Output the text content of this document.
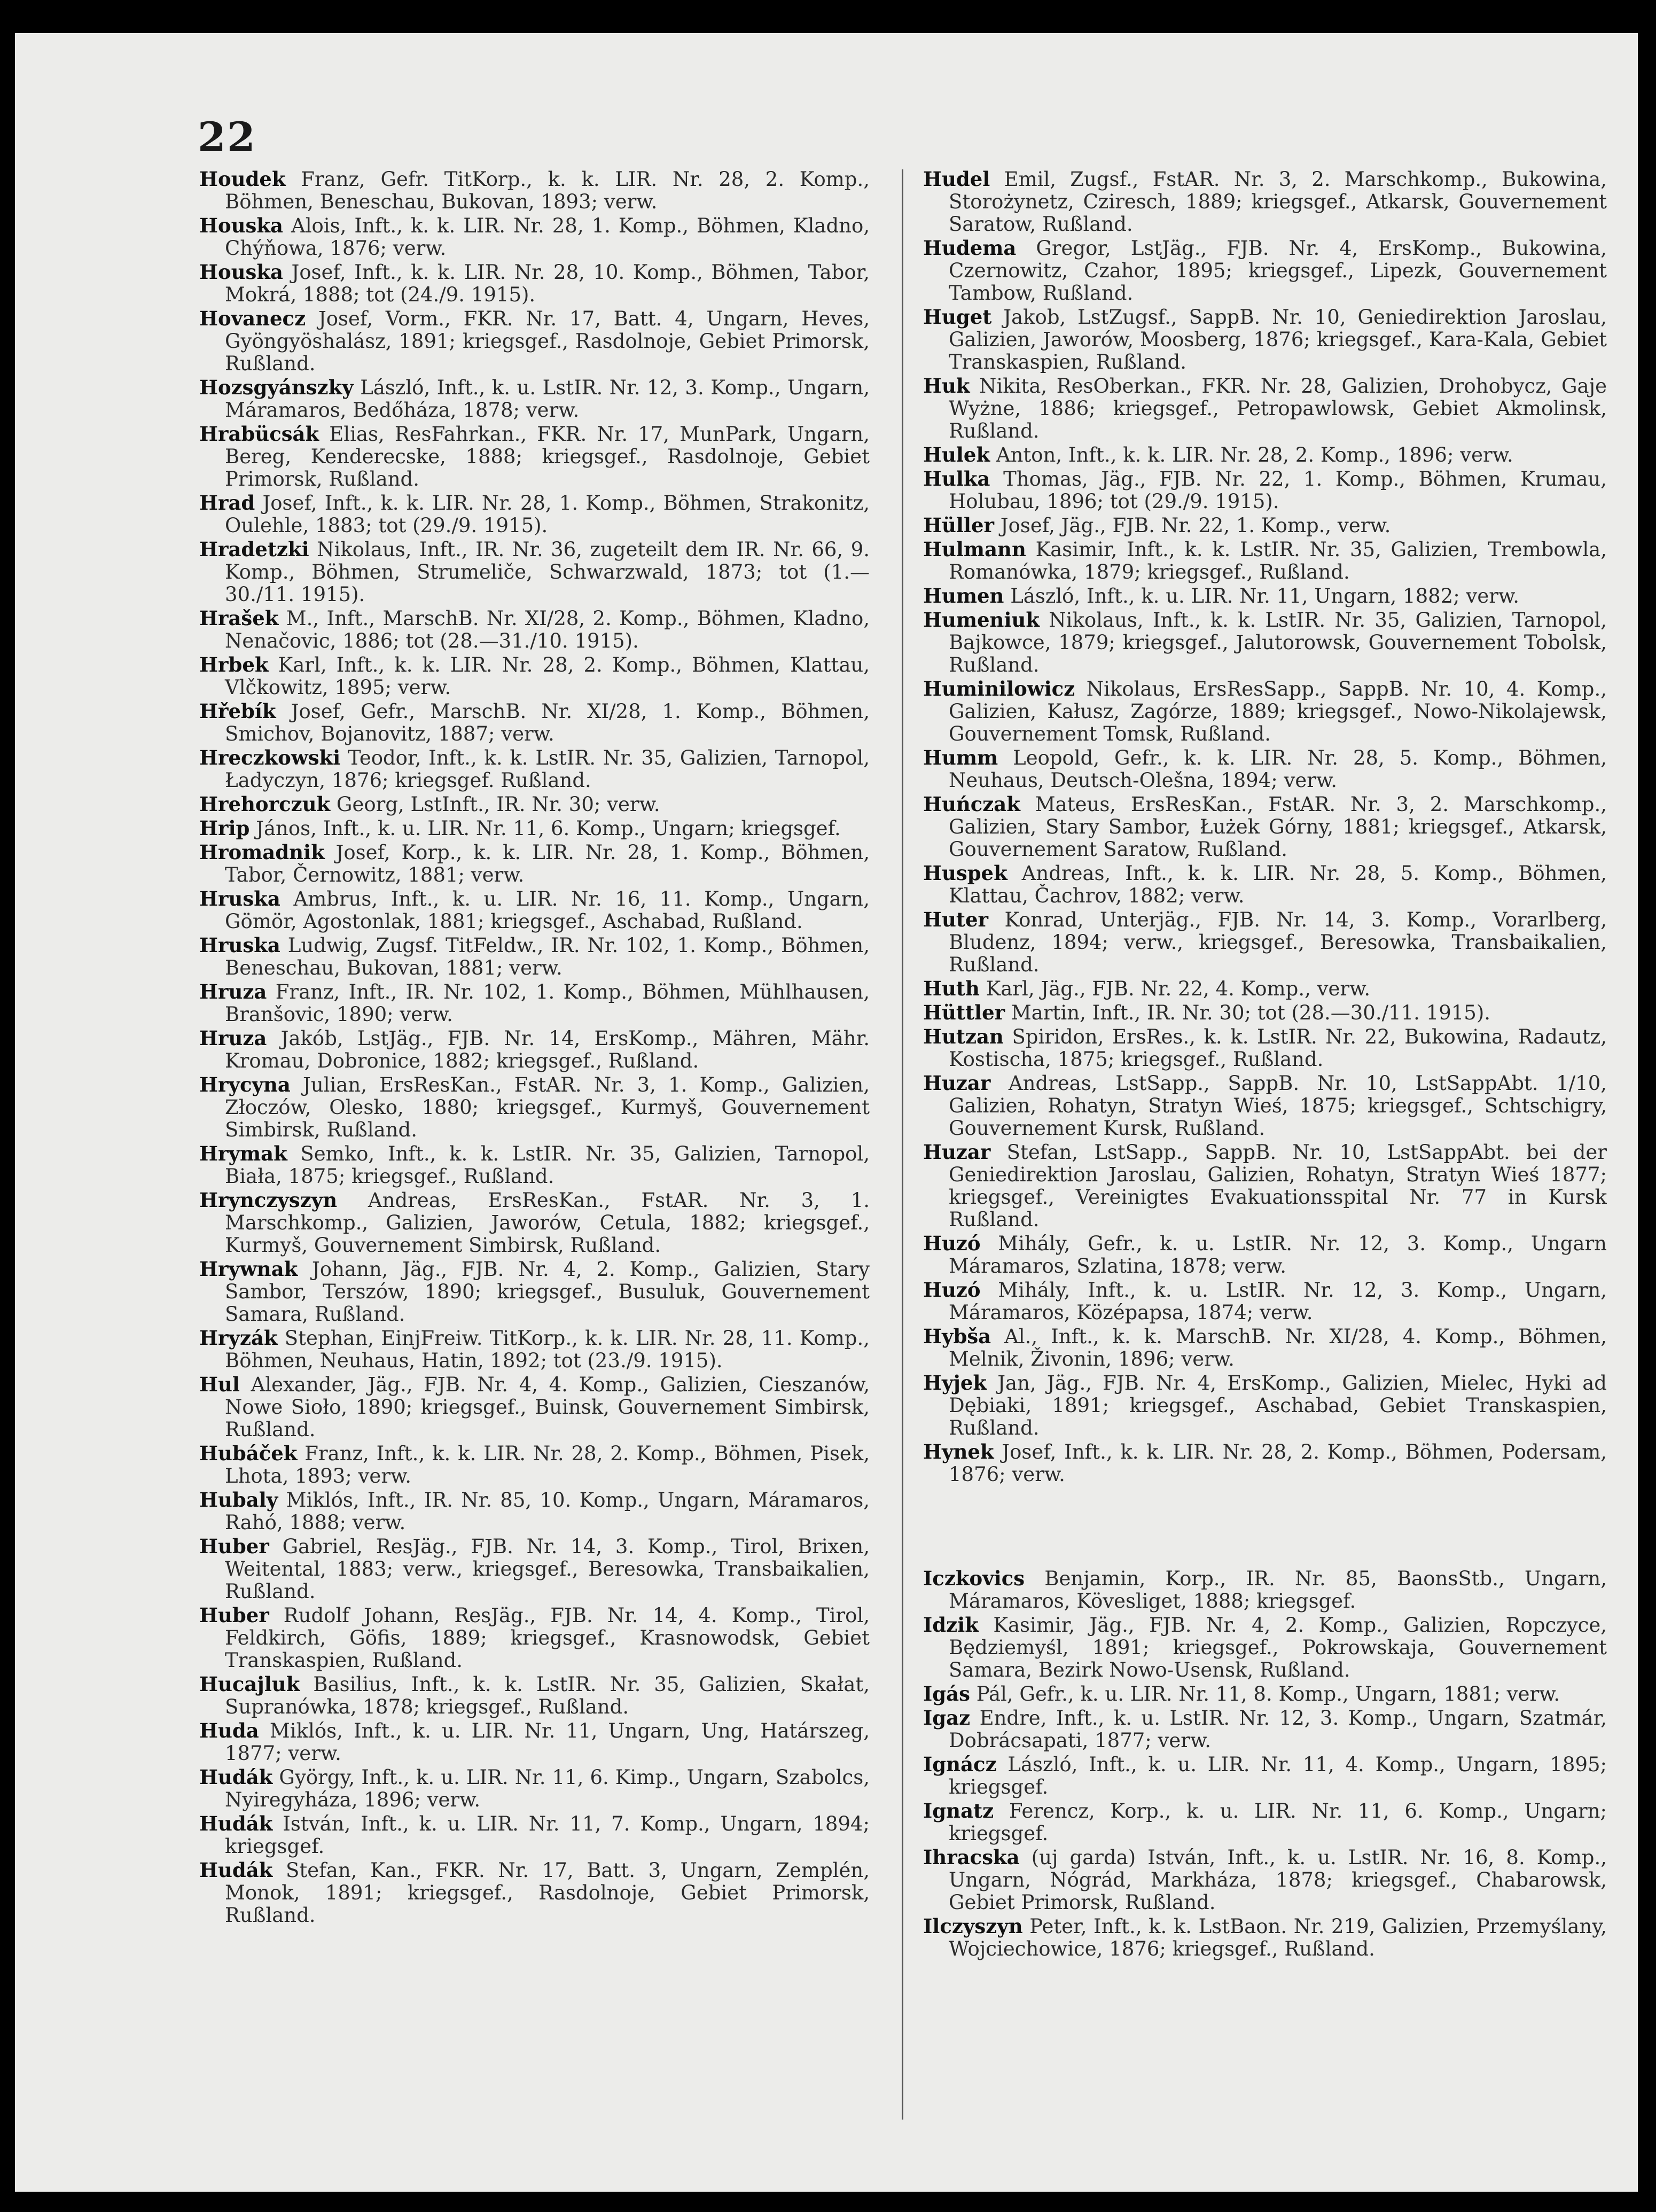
22

Houdek Franz, Gefr. TitKorp., k. k. LIR. Nr. 28, 2. Komp., Böhmen, Beneschau, Bukovan, 1893; verw.

Houska Alois, Inft., k. k. LIR. Nr. 28, 1. Komp., Böhmen, Kladno, Chýňowa, 1876; verw.

Houska Josef, Inft., k. k. LIR. Nr. 28, 10. Komp., Böhmen, Tabor, Mokrá, 1888; tot (24./9. 1915).

Hovanecz Josef, Vorm., FKR. Nr. 17, Batt. 4, Ungarn, Heves, Gyöngyöshalász, 1891; kriegsgef., Rasdolnoje, Gebiet Primorsk, Rußland.

Hozsgyánszky László, Inft., k. u. LstIR. Nr. 12, 3. Komp., Ungarn, Máramaros, Bedőháza, 1878; verw.

Hrabücsák Elias, ResFahrkan., FKR. Nr. 17, MunPark, Ungarn, Bereg, Kenderecske, 1888; kriegsgef., Rasdolnoje, Gebiet Primorsk, Rußland.

Hrad Josef, Inft., k. k. LIR. Nr. 28, 1. Komp., Böhmen, Strakonitz, Oulehle, 1883; tot (29./9. 1915).

Hradetzki Nikolaus, Inft., IR. Nr. 36, zugeteilt dem IR. Nr. 66, 9. Komp., Böhmen, Strumeliče, Schwarzwald, 1873; tot (1.—30./11. 1915).

Hrašek M., Inft., MarschB. Nr. XI/28, 2. Komp., Böhmen, Kladno, Nenačovic, 1886; tot (28.—31./10. 1915).

Hrbek Karl, Inft., k. k. LIR. Nr. 28, 2. Komp., Böhmen, Klattau, Vlčkowitz, 1895; verw.

Hřebík Josef, Gefr., MarschB. Nr. XI/28, 1. Komp., Böhmen, Smichov, Bojanovitz, 1887; verw.

Hreczkowski Teodor, Inft., k. k. LstIR. Nr. 35, Galizien, Tarnopol, Ładyczyn, 1876; kriegsgef. Rußland.

Hrehorczuk Georg, LstInft., IR. Nr. 30; verw.

Hrip János, Inft., k. u. LIR. Nr. 11, 6. Komp., Ungarn; kriegsgef.

Hromadnik Josef, Korp., k. k. LIR. Nr. 28, 1. Komp., Böhmen, Tabor, Černowitz, 1881; verw.

Hruska Ambrus, Inft., k. u. LIR. Nr. 16, 11. Komp., Ungarn, Gömör, Agostonlak, 1881; kriegsgef., Aschabad, Rußland.

Hruska Ludwig, Zugsf. TitFeldw., IR. Nr. 102, 1. Komp., Böhmen, Beneschau, Bukovan, 1881; verw.

Hruza Franz, Inft., IR. Nr. 102, 1. Komp., Böhmen, Mühlhausen, Branšovic, 1890; verw.

Hruza Jakób, LstJäg., FJB. Nr. 14, ErsKomp., Mähren, Mähr. Kromau, Dobronice, 1882; kriegsgef., Rußland.

Hrycyna Julian, ErsResKan., FstAR. Nr. 3, 1. Komp., Galizien, Złoczów, Olesko, 1880; kriegsgef., Kurmyš, Gouvernement Simbirsk, Rußland.

Hrymak Semko, Inft., k. k. LstIR. Nr. 35, Galizien, Tarnopol, Biała, 1875; kriegsgef., Rußland.

Hrynczyszyn Andreas, ErsResKan., FstAR. Nr. 3, 1. Marschkomp., Galizien, Jaworów, Cetula, 1882; kriegsgef., Kurmyš, Gouvernement Simbirsk, Rußland.

Hrywnak Johann, Jäg., FJB. Nr. 4, 2. Komp., Galizien, Stary Sambor, Terszów, 1890; kriegsgef., Busuluk, Gouvernement Samara, Rußland.

Hryzák Stephan, EinjFreiw. TitKorp., k. k. LIR. Nr. 28, 11. Komp., Böhmen, Neuhaus, Hatin, 1892; tot (23./9. 1915).

Hul Alexander, Jäg., FJB. Nr. 4, 4. Komp., Galizien, Cieszanów, Nowe Sioło, 1890; kriegsgef., Buinsk, Gouvernement Simbirsk, Rußland.

Hubáček Franz, Inft., k. k. LIR. Nr. 28, 2. Komp., Böhmen, Pisek, Lhota, 1893; verw.

Hubaly Miklós, Inft., IR. Nr. 85, 10. Komp., Ungarn, Máramaros, Rahó, 1888; verw.

Huber Gabriel, ResJäg., FJB. Nr. 14, 3. Komp., Tirol, Brixen, Weitental, 1883; verw., kriegsgef., Beresowka, Transbaikalien, Rußland.

Huber Rudolf Johann, ResJäg., FJB. Nr. 14, 4. Komp., Tirol, Feldkirch, Göfis, 1889; kriegsgef., Krasnowodsk, Gebiet Transkaspien, Rußland.

Hucajluk Basilius, Inft., k. k. LstIR. Nr. 35, Galizien, Skałat, Supranówka, 1878; kriegsgef., Rußland.

Huda Miklós, Inft., k. u. LIR. Nr. 11, Ungarn, Ung, Határszeg, 1877; verw.

Hudák György, Inft., k. u. LIR. Nr. 11, 6. Kimp., Ungarn, Szabolcs, Nyiregyháza, 1896; verw.

Hudák István, Inft., k. u. LIR. Nr. 11, 7. Komp., Ungarn, 1894; kriegsgef.

Hudák Stefan, Kan., FKR. Nr. 17, Batt. 3, Ungarn, Zemplén, Monok, 1891; kriegsgef., Rasdolnoje, Gebiet Primorsk, Rußland.

Hudel Emil, Zugsf., FstAR. Nr. 3, 2. Marschkomp., Bukowina, Storożynetz, Cziresch, 1889; kriegsgef., Atkarsk, Gouvernement Saratow, Rußland.

Hudema Gregor, LstJäg., FJB. Nr. 4, ErsKomp., Bukowina, Czernowitz, Czahor, 1895; kriegsgef., Lipezk, Gouvernement Tambow, Rußland.

Huget Jakob, LstZugsf., SappB. Nr. 10, Geniedirektion Jaroslau, Galizien, Jaworów, Moosberg, 1876; kriegsgef., Kara-Kala, Gebiet Transkaspien, Rußland.

Huk Nikita, ResOberkan., FKR. Nr. 28, Galizien, Drohobycz, Gaje Wyżne, 1886; kriegsgef., Petropawlowsk, Gebiet Akmolinsk, Rußland.

Hulek Anton, Inft., k. k. LIR. Nr. 28, 2. Komp., 1896; verw.

Hulka Thomas, Jäg., FJB. Nr. 22, 1. Komp., Böhmen, Krumau, Holubau, 1896; tot (29./9. 1915).

Hüller Josef, Jäg., FJB. Nr. 22, 1. Komp., verw.

Hulmann Kasimir, Inft., k. k. LstIR. Nr. 35, Galizien, Trembowla, Romanówka, 1879; kriegsgef., Rußland.

Humen László, Inft., k. u. LIR. Nr. 11, Ungarn, 1882; verw.

Humeniuk Nikolaus, Inft., k. k. LstIR. Nr. 35, Galizien, Tarnopol, Bajkowce, 1879; kriegsgef., Jalutorowsk, Gouvernement Tobolsk, Rußland.

Huminilowicz Nikolaus, ErsResSapp., SappB. Nr. 10, 4. Komp., Galizien, Kałusz, Zagórze, 1889; kriegsgef., Nowo-Nikolajewsk, Gouvernement Tomsk, Rußland.

Humm Leopold, Gefr., k. k. LIR. Nr. 28, 5. Komp., Böhmen, Neuhaus, Deutsch-Olešna, 1894; verw.

Huńczak Mateus, ErsResKan., FstAR. Nr. 3, 2. Marschkomp., Galizien, Stary Sambor, Łużek Górny, 1881; kriegsgef., Atkarsk, Gouvernement Saratow, Rußland.

Huspek Andreas, Inft., k. k. LIR. Nr. 28, 5. Komp., Böhmen, Klattau, Čachrov, 1882; verw.

Huter Konrad, Unterjäg., FJB. Nr. 14, 3. Komp., Vorarlberg, Bludenz, 1894; verw., kriegsgef., Beresowka, Transbaikalien, Rußland.

Huth Karl, Jäg., FJB. Nr. 22, 4. Komp., verw.

Hüttler Martin, Inft., IR. Nr. 30; tot (28.—30./11. 1915).

Hutzan Spiridon, ErsRes., k. k. LstIR. Nr. 22, Bukowina, Radautz, Kostischa, 1875; kriegsgef., Rußland.

Huzar Andreas, LstSapp., SappB. Nr. 10, LstSappAbt. 1/10, Galizien, Rohatyn, Stratyn Wieś, 1875; kriegsgef., Schtschigry, Gouvernement Kursk, Rußland.

Huzar Stefan, LstSapp., SappB. Nr. 10, LstSappAbt. bei der Geniedirektion Jaroslau, Galizien, Rohatyn, Stratyn Wieś 1877; kriegsgef., Vereinigtes Evakuationsspital Nr. 77 in Kursk Rußland.

Huzó Mihály, Gefr., k. u. LstIR. Nr. 12, 3. Komp., Ungarn Máramaros, Szlatina, 1878; verw.

Huzó Mihály, Inft., k. u. LstIR. Nr. 12, 3. Komp., Ungarn, Máramaros, Középapsa, 1874; verw.

Hybša Al., Inft., k. k. MarschB. Nr. XI/28, 4. Komp., Böhmen, Melnik, Živonin, 1896; verw.

Hyjek Jan, Jäg., FJB. Nr. 4, ErsKomp., Galizien, Mielec, Hyki ad Dębiaki, 1891; kriegsgef., Aschabad, Gebiet Transkaspien, Rußland.

Hynek Josef, Inft., k. k. LIR. Nr. 28, 2. Komp., Böhmen, Podersam, 1876; verw.

Iczkovics Benjamin, Korp., IR. Nr. 85, BaonsStb., Ungarn, Máramaros, Kövesliget, 1888; kriegsgef.

Idzik Kasimir, Jäg., FJB. Nr. 4, 2. Komp., Galizien, Ropczyce, Będziemyśl, 1891; kriegsgef., Pokrowskaja, Gouvernement Samara, Bezirk Nowo-Usensk, Rußland.

Igás Pál, Gefr., k. u. LIR. Nr. 11, 8. Komp., Ungarn, 1881; verw.

Igaz Endre, Inft., k. u. LstIR. Nr. 12, 3. Komp., Ungarn, Szatmár, Dobrácsapati, 1877; verw.

Ignácz László, Inft., k. u. LIR. Nr. 11, 4. Komp., Ungarn, 1895; kriegsgef.

Ignatz Ferencz, Korp., k. u. LIR. Nr. 11, 6. Komp., Ungarn; kriegsgef.

Ihracska (uj garda) István, Inft., k. u. LstIR. Nr. 16, 8. Komp., Ungarn, Nógrád, Markháza, 1878; kriegsgef., Chabarowsk, Gebiet Primorsk, Rußland.

Ilczyszyn Peter, Inft., k. k. LstBaon. Nr. 219, Galizien, Przemyślany, Wojciechowice, 1876; kriegsgef., Rußland.
